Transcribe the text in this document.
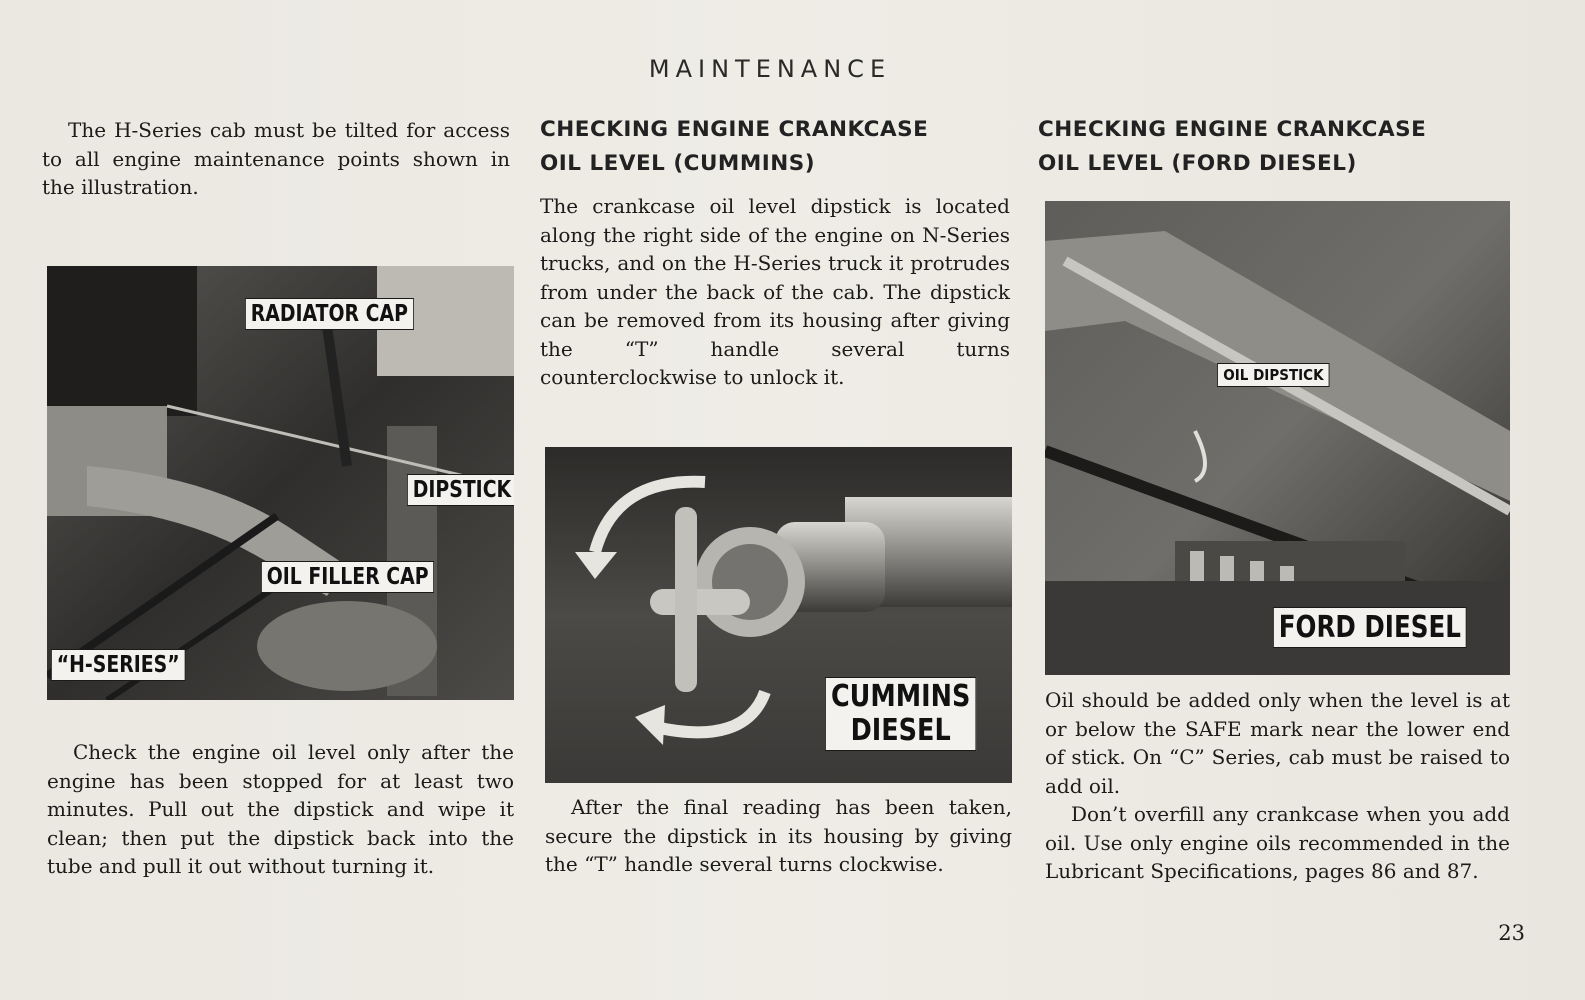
MAINTENANCE
The H-Series cab must be tilted for access to all engine maintenance points shown in the illustration.
RADIATOR CAP
DIPSTICK
OIL FILLER CAP
“H-SERIES”
Check the engine oil level only after the engine has been stopped for at least two minutes. Pull out the dipstick and wipe it clean; then put the dipstick back into the tube and pull it out without turning it.
CHECKING ENGINE CRANKCASE
OIL LEVEL (CUMMINS)
The crankcase oil level dipstick is located along the right side of the engine on N-Series trucks, and on the H-Series truck it protrudes from under the back of the cab. The dipstick can be removed from its housing after giving the “T” handle several turns counterclockwise to unlock it.
CUMMINS
DIESEL
After the final reading has been taken, secure the dipstick in its housing by giving the “T” handle several turns clockwise.
CHECKING ENGINE CRANKCASE
OIL LEVEL (FORD DIESEL)
OIL DIPSTICK
FORD DIESEL

Oil should be added only when the level is at or below the SAFE mark near the lower end of stick. On “C” Series, cab must be raised to add oil.

Don’t overfill any crankcase when you add oil. Use only engine oils recommended in the Lubricant Specifications, pages 86 and 87.

23
